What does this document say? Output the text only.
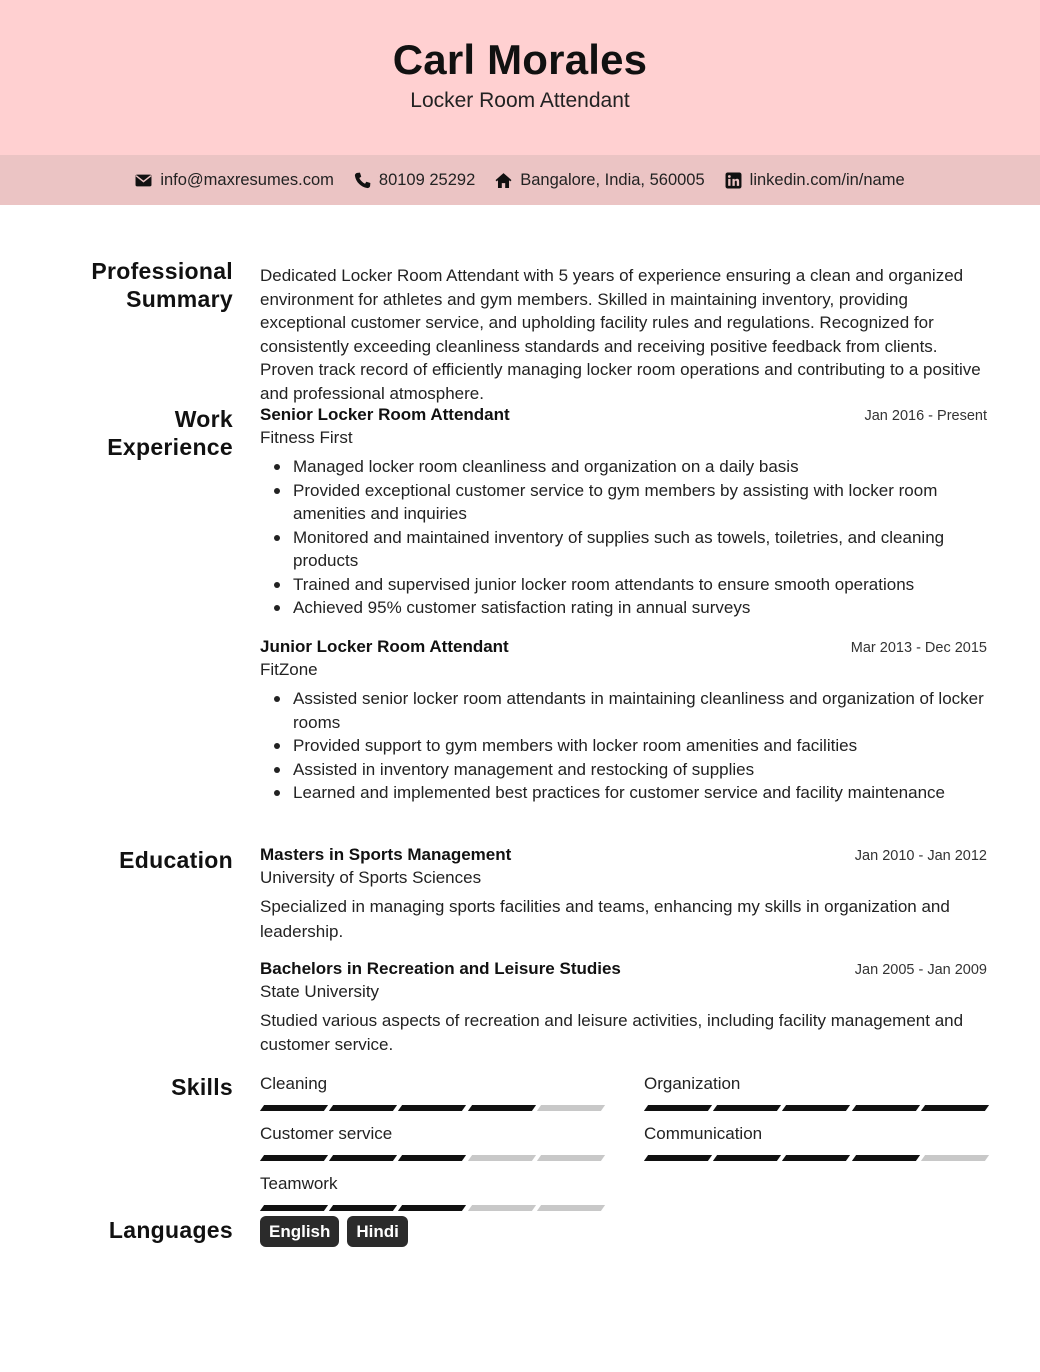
Carl Morales
Locker Room Attendant
info@maxresumes.com	80109 25292	Bangalore, India, 560005	linkedin.com/in/name
Professional
Summary
Dedicated Locker Room Attendant with 5 years of experience ensuring a clean and organized environment for athletes and gym members. Skilled in maintaining inventory, providing exceptional customer service, and upholding facility rules and regulations. Recognized for consistently exceeding cleanliness standards and receiving positive feedback from clients. Proven track record of efficiently managing locker room operations and contributing to a positive and professional atmosphere.
Work
Experience
Senior Locker Room Attendant	Jan 2016 - Present
Fitness First
Managed locker room cleanliness and organization on a daily basis
Provided exceptional customer service to gym members by assisting with locker room amenities and inquiries
Monitored and maintained inventory of supplies such as towels, toiletries, and cleaning products
Trained and supervised junior locker room attendants to ensure smooth operations
Achieved 95% customer satisfaction rating in annual surveys
Junior Locker Room Attendant	Mar 2013 - Dec 2015
FitZone
Assisted senior locker room attendants in maintaining cleanliness and organization of locker rooms
Provided support to gym members with locker room amenities and facilities
Assisted in inventory management and restocking of supplies
Learned and implemented best practices for customer service and facility maintenance
Education Masters in Sports Management	Jan 2010 - Jan 2012
University of Sports Sciences
Specialized in managing sports facilities and teams, enhancing my skills in organization and leadership.
Bachelors in Recreation and Leisure Studies	Jan 2005 - Jan 2009
State University
Studied various aspects of recreation and leisure activities, including facility management and customer service.
Skills Cleaning	Organization
Customer service	Communication
Teamwork
Languages	English	Hindi
